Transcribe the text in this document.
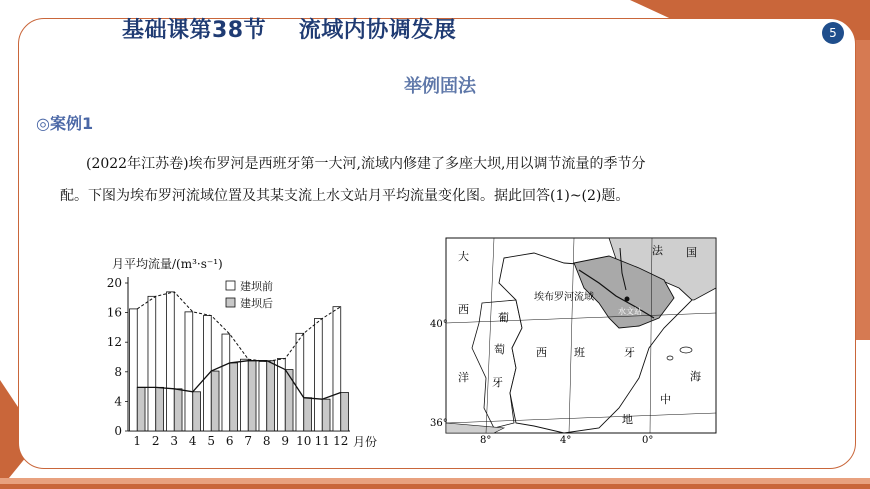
基础课第38节    流域内协调发展	5
举例固法
◎案例1
(2022年江苏卷)埃布罗河是西班牙第一大河,流域内修建了多座大坝,用以调节流量的季节分
配。下图为埃布罗河流域位置及其某支流上水文站月平均流量变化图。据此回答(1)~(2)题。
月平均流量/(m³·s⁻¹)
0
4
8
12
16
20
1 2 3 4 5 6 7 8 9 10 11 12
建坝前
建坝后
月份
大
西
洋
葡
萄
牙
西 班	牙
法 国
地
中
海
埃布罗河流域
水文站
40°
36°
8°	4°	0°
